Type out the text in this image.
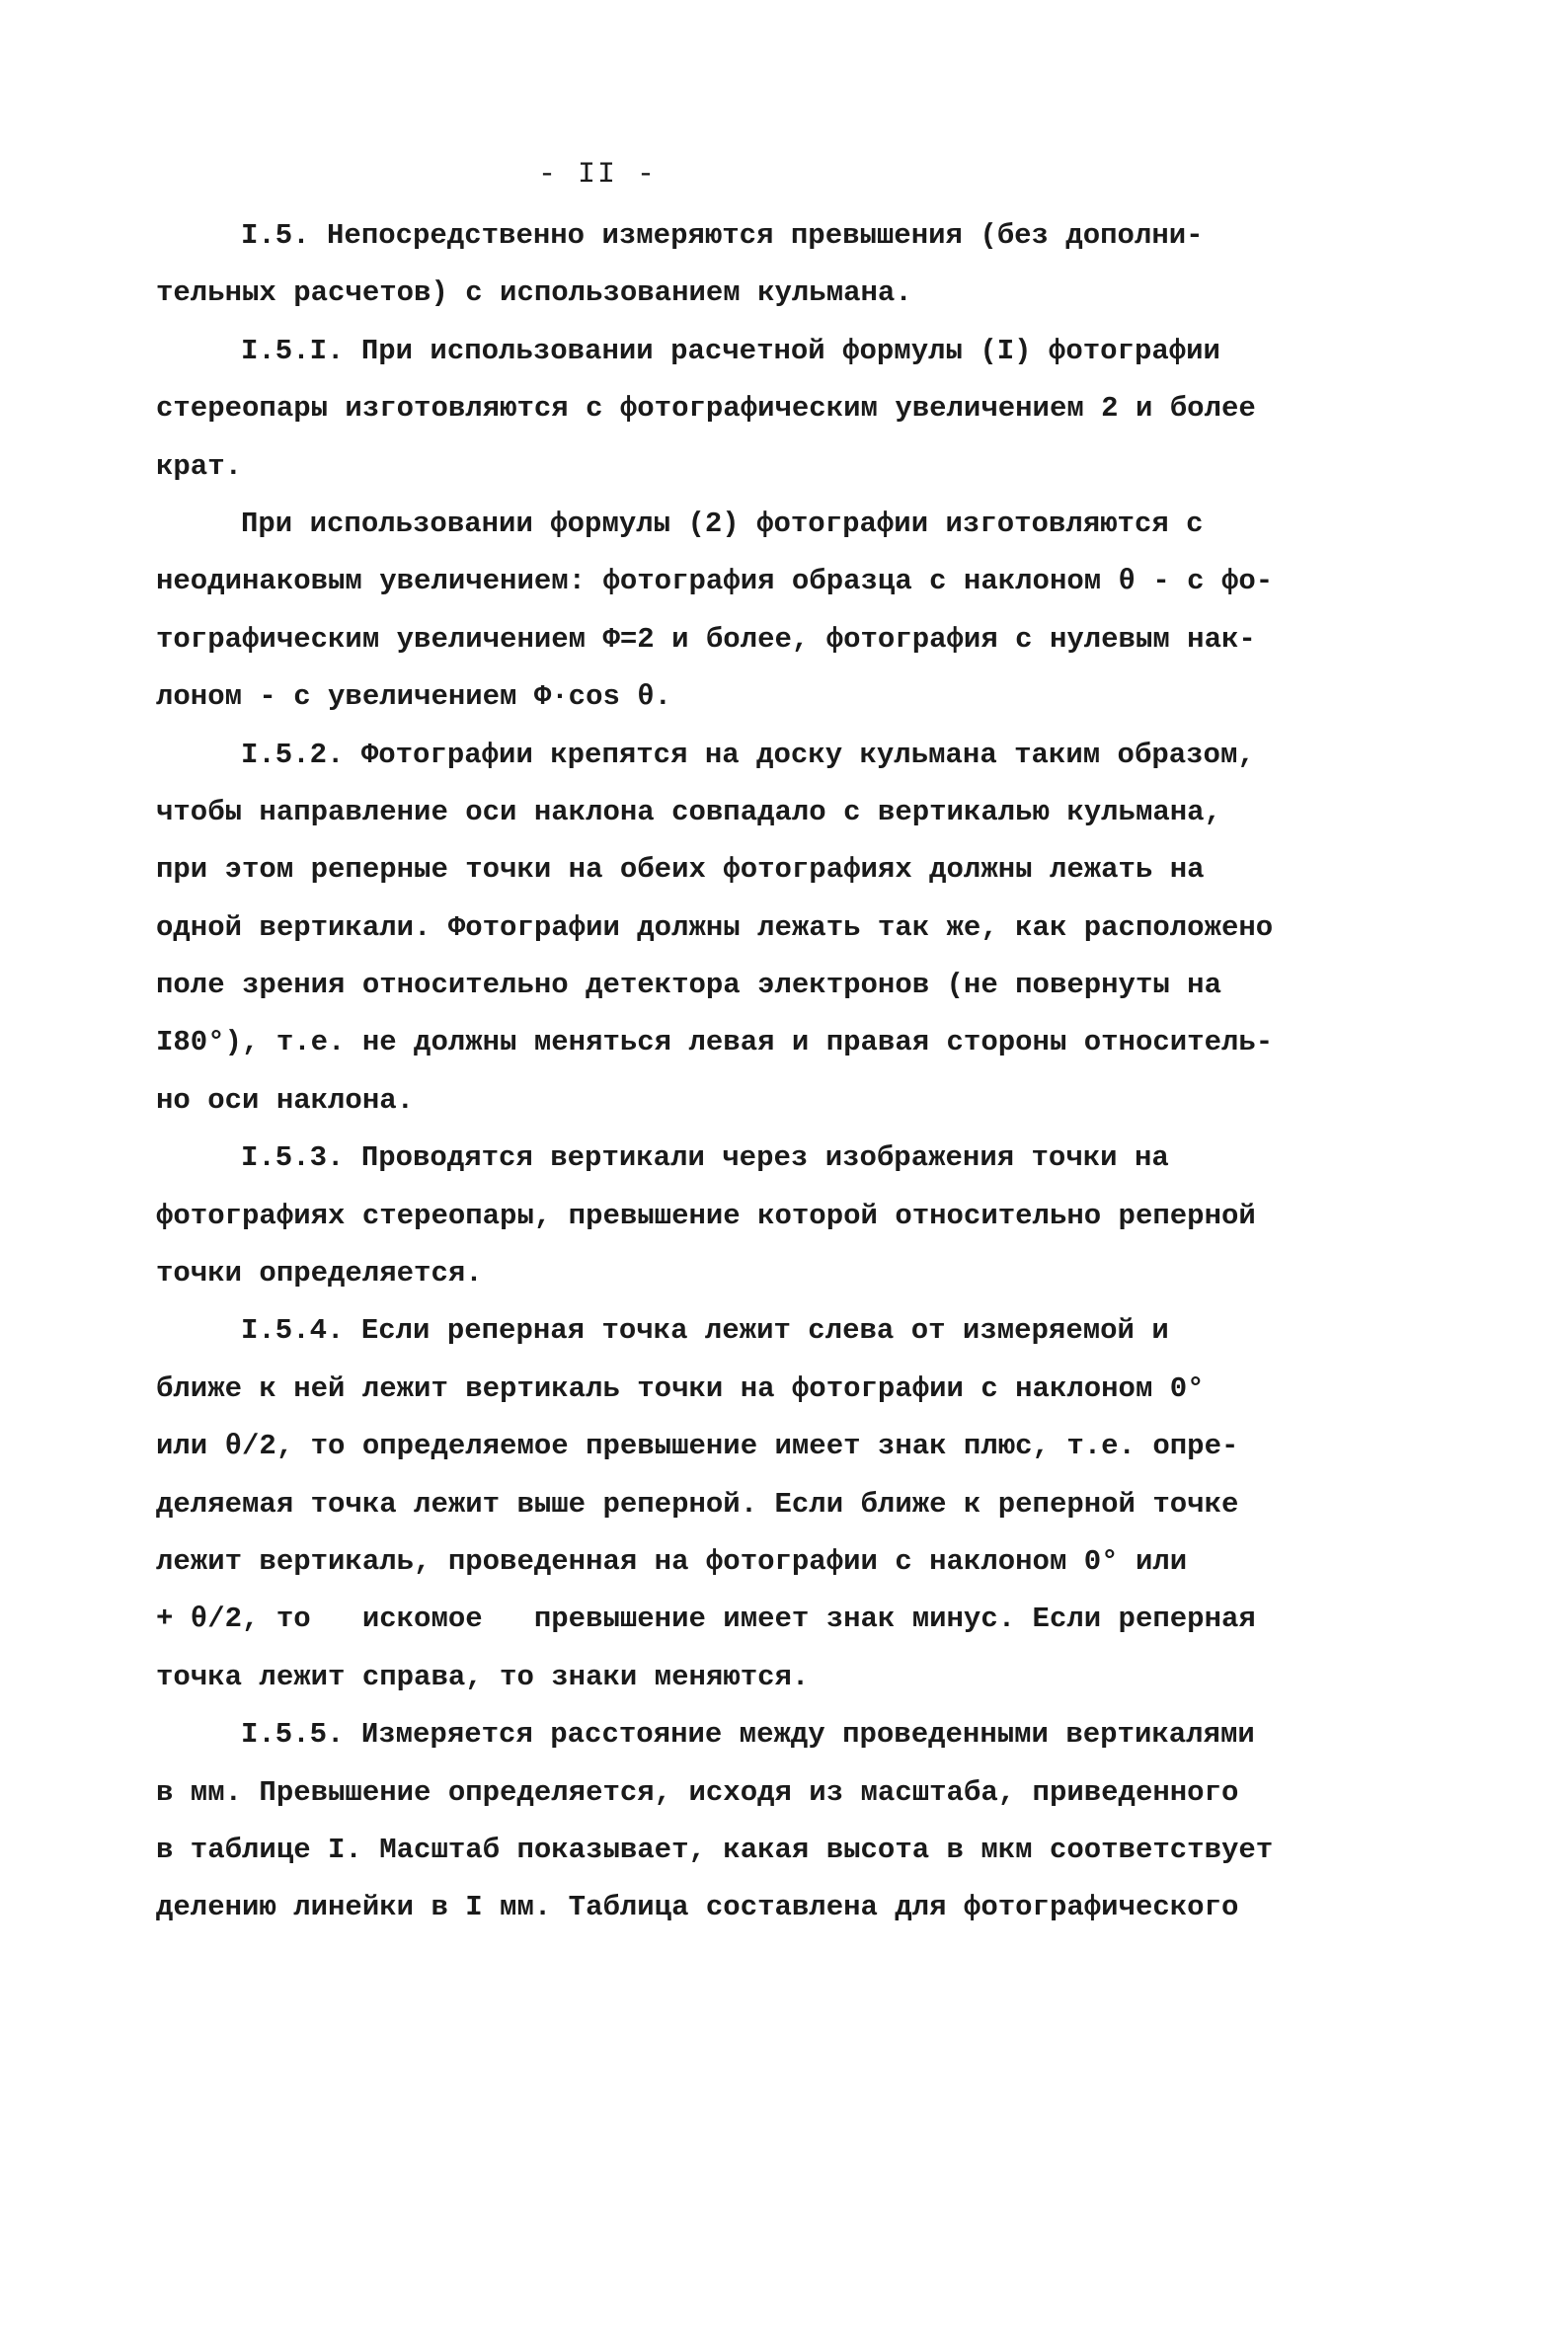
- II -
I.5. Непосредственно измеряются превышения (без дополни-
тельных расчетов) с использованием кульмана.
I.5.I. При использовании расчетной формулы (I) фотографии
стереопары изготовляются с фотографическим увеличением 2 и более
крат.
При использовании формулы (2) фотографии изготовляются с
неодинаковым увеличением: фотография образца с наклоном θ - с фо-
тографическим увеличением Ф=2 и более, фотография с нулевым нак-
лоном - с увеличением Ф·cos θ.
I.5.2. Фотографии крепятся на доску кульмана таким образом,
чтобы направление оси наклона совпадало с вертикалью кульмана,
при этом реперные точки на обеих фотографиях должны лежать на
одной вертикали. Фотографии должны лежать так же, как расположено
поле зрения относительно детектора электронов (не повернуты на
I80°), т.е. не должны меняться левая и правая стороны относитель-
но оси наклона.
I.5.3. Проводятся вертикали через изображения точки на
фотографиях стереопары, превышение которой относительно реперной
точки определяется.
I.5.4. Если реперная точка лежит слева от измеряемой и
ближе к ней лежит вертикаль точки на фотографии с наклоном 0°
или θ/2, то определяемое превышение имеет знак плюс, т.е. опре-
деляемая точка лежит выше реперной. Если ближе к реперной точке
лежит вертикаль, проведенная на фотографии с наклоном 0° или
+ θ/2, то   искомое   превышение имеет знак минус. Если реперная
точка лежит справа, то знаки меняются.
I.5.5. Измеряется расстояние между проведенными вертикалями
в мм. Превышение определяется, исходя из масштаба, приведенного
в таблице I. Масштаб показывает, какая высота в мкм соответствует
делению линейки в I мм. Таблица составлена для фотографического
